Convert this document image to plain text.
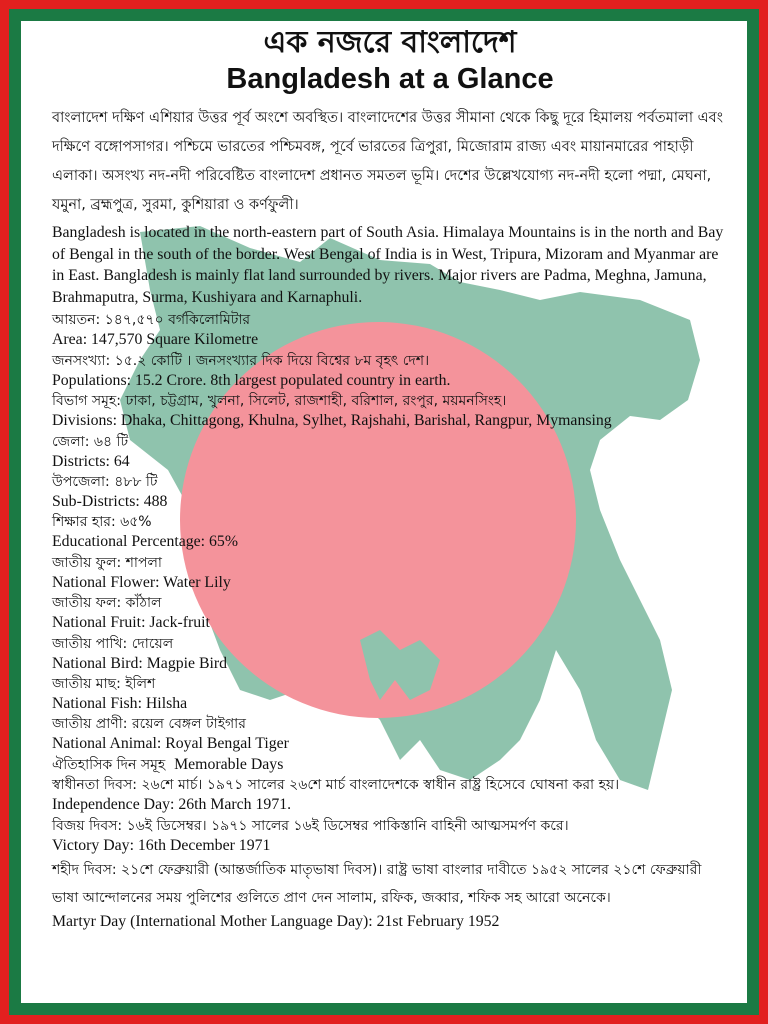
এক নজরে বাংলাদেশ
Bangladesh at a Glance

বাংলাদেশ দক্ষিণ এশিয়ার উত্তর পূর্ব অংশে অবস্থিত। বাংলাদেশের উত্তর সীমানা থেকে কিছু দূরে হিমালয় পর্বতমালা এবং দক্ষিণে বঙ্গোপসাগর। পশ্চিমে ভারতের পশ্চিমবঙ্গ, পূর্বে ভারতের ত্রিপুরা, মিজোরাম রাজ্য এবং মায়ানমারের পাহাড়ী এলাকা। অসংখ্য নদ-নদী পরিবেষ্টিত বাংলাদেশ প্রধানত সমতল ভূমি। দেশের উল্লেখযোগ্য নদ-নদী হলো পদ্মা, মেঘনা, যমুনা, ব্রহ্মপুত্র, সুরমা, কুশিয়ারা ও কর্ণফুলী।

Bangladesh is located in the north-eastern part of South Asia. Himalaya Mountains is in the north and Bay of Bengal in the south of the border. West Bengal of India is in West, Tripura, Mizoram and Myanmar are in East. Bangladesh is mainly flat land surrounded by rivers. Major rivers are Padma, Meghna, Jamuna, Brahmaputra, Surma, Kushiyara and Karnaphuli.

আয়তন: ১৪৭,৫৭০ বর্গকিলোমিটার
Area: 147,570 Square Kilometre
জনসংখ্যা: ১৫.২ কোটি । জনসংখ্যার দিক দিয়ে বিশ্বের ৮ম বৃহৎ দেশ।
Populations: 15.2 Crore. 8th largest populated country in earth.
বিভাগ সমূহ: ঢাকা, চট্টগ্রাম, খুলনা, সিলেট, রাজশাহী, বরিশাল, রংপুর, ময়মনসিংহ।
Divisions: Dhaka, Chittagong, Khulna, Sylhet, Rajshahi, Barishal, Rangpur, Mymansing
জেলা: ৬৪ টি
Districts: 64
উপজেলা: ৪৮৮ টি
Sub-Districts: 488
শিক্ষার হার: ৬৫%
Educational Percentage: 65%
জাতীয় ফুল: শাপলা
National Flower: Water Lily
জাতীয় ফল: কাঁঠাল
National Fruit: Jack-fruit
জাতীয় পাখি: দোয়েল
National Bird: Magpie Bird
জাতীয় মাছ: ইলিশ
National Fish: Hilsha
জাতীয় প্রাণী: রয়েল বেঙ্গল টাইগার
National Animal: Royal Bengal Tiger
ঐতিহাসিক দিন সমূহ Memorable Days
স্বাধীনতা দিবস: ২৬শে মার্চ। ১৯৭১ সালের ২৬শে মার্চ বাংলাদেশকে স্বাধীন রাষ্ট্র হিসেবে ঘোষনা করা হয়।
Independence Day: 26th March 1971.
বিজয় দিবস: ১৬ই ডিসেম্বর। ১৯৭১ সালের ১৬ই ডিসেম্বর পাকিস্তানি বাহিনী আত্মসমর্পণ করে।
Victory Day: 16th December 1971
শহীদ দিবস: ২১শে ফেব্রুয়ারী (আন্তর্জাতিক মাতৃভাষা দিবস)। রাষ্ট্র ভাষা বাংলার দাবীতে ১৯৫২ সালের ২১শে ফেব্রুয়ারী ভাষা আন্দোলনের সময় পুলিশের গুলিতে প্রাণ দেন সালাম, রফিক, জব্বার, শফিক সহ আরো অনেকে।
Martyr Day (International Mother Language Day): 21st February 1952
